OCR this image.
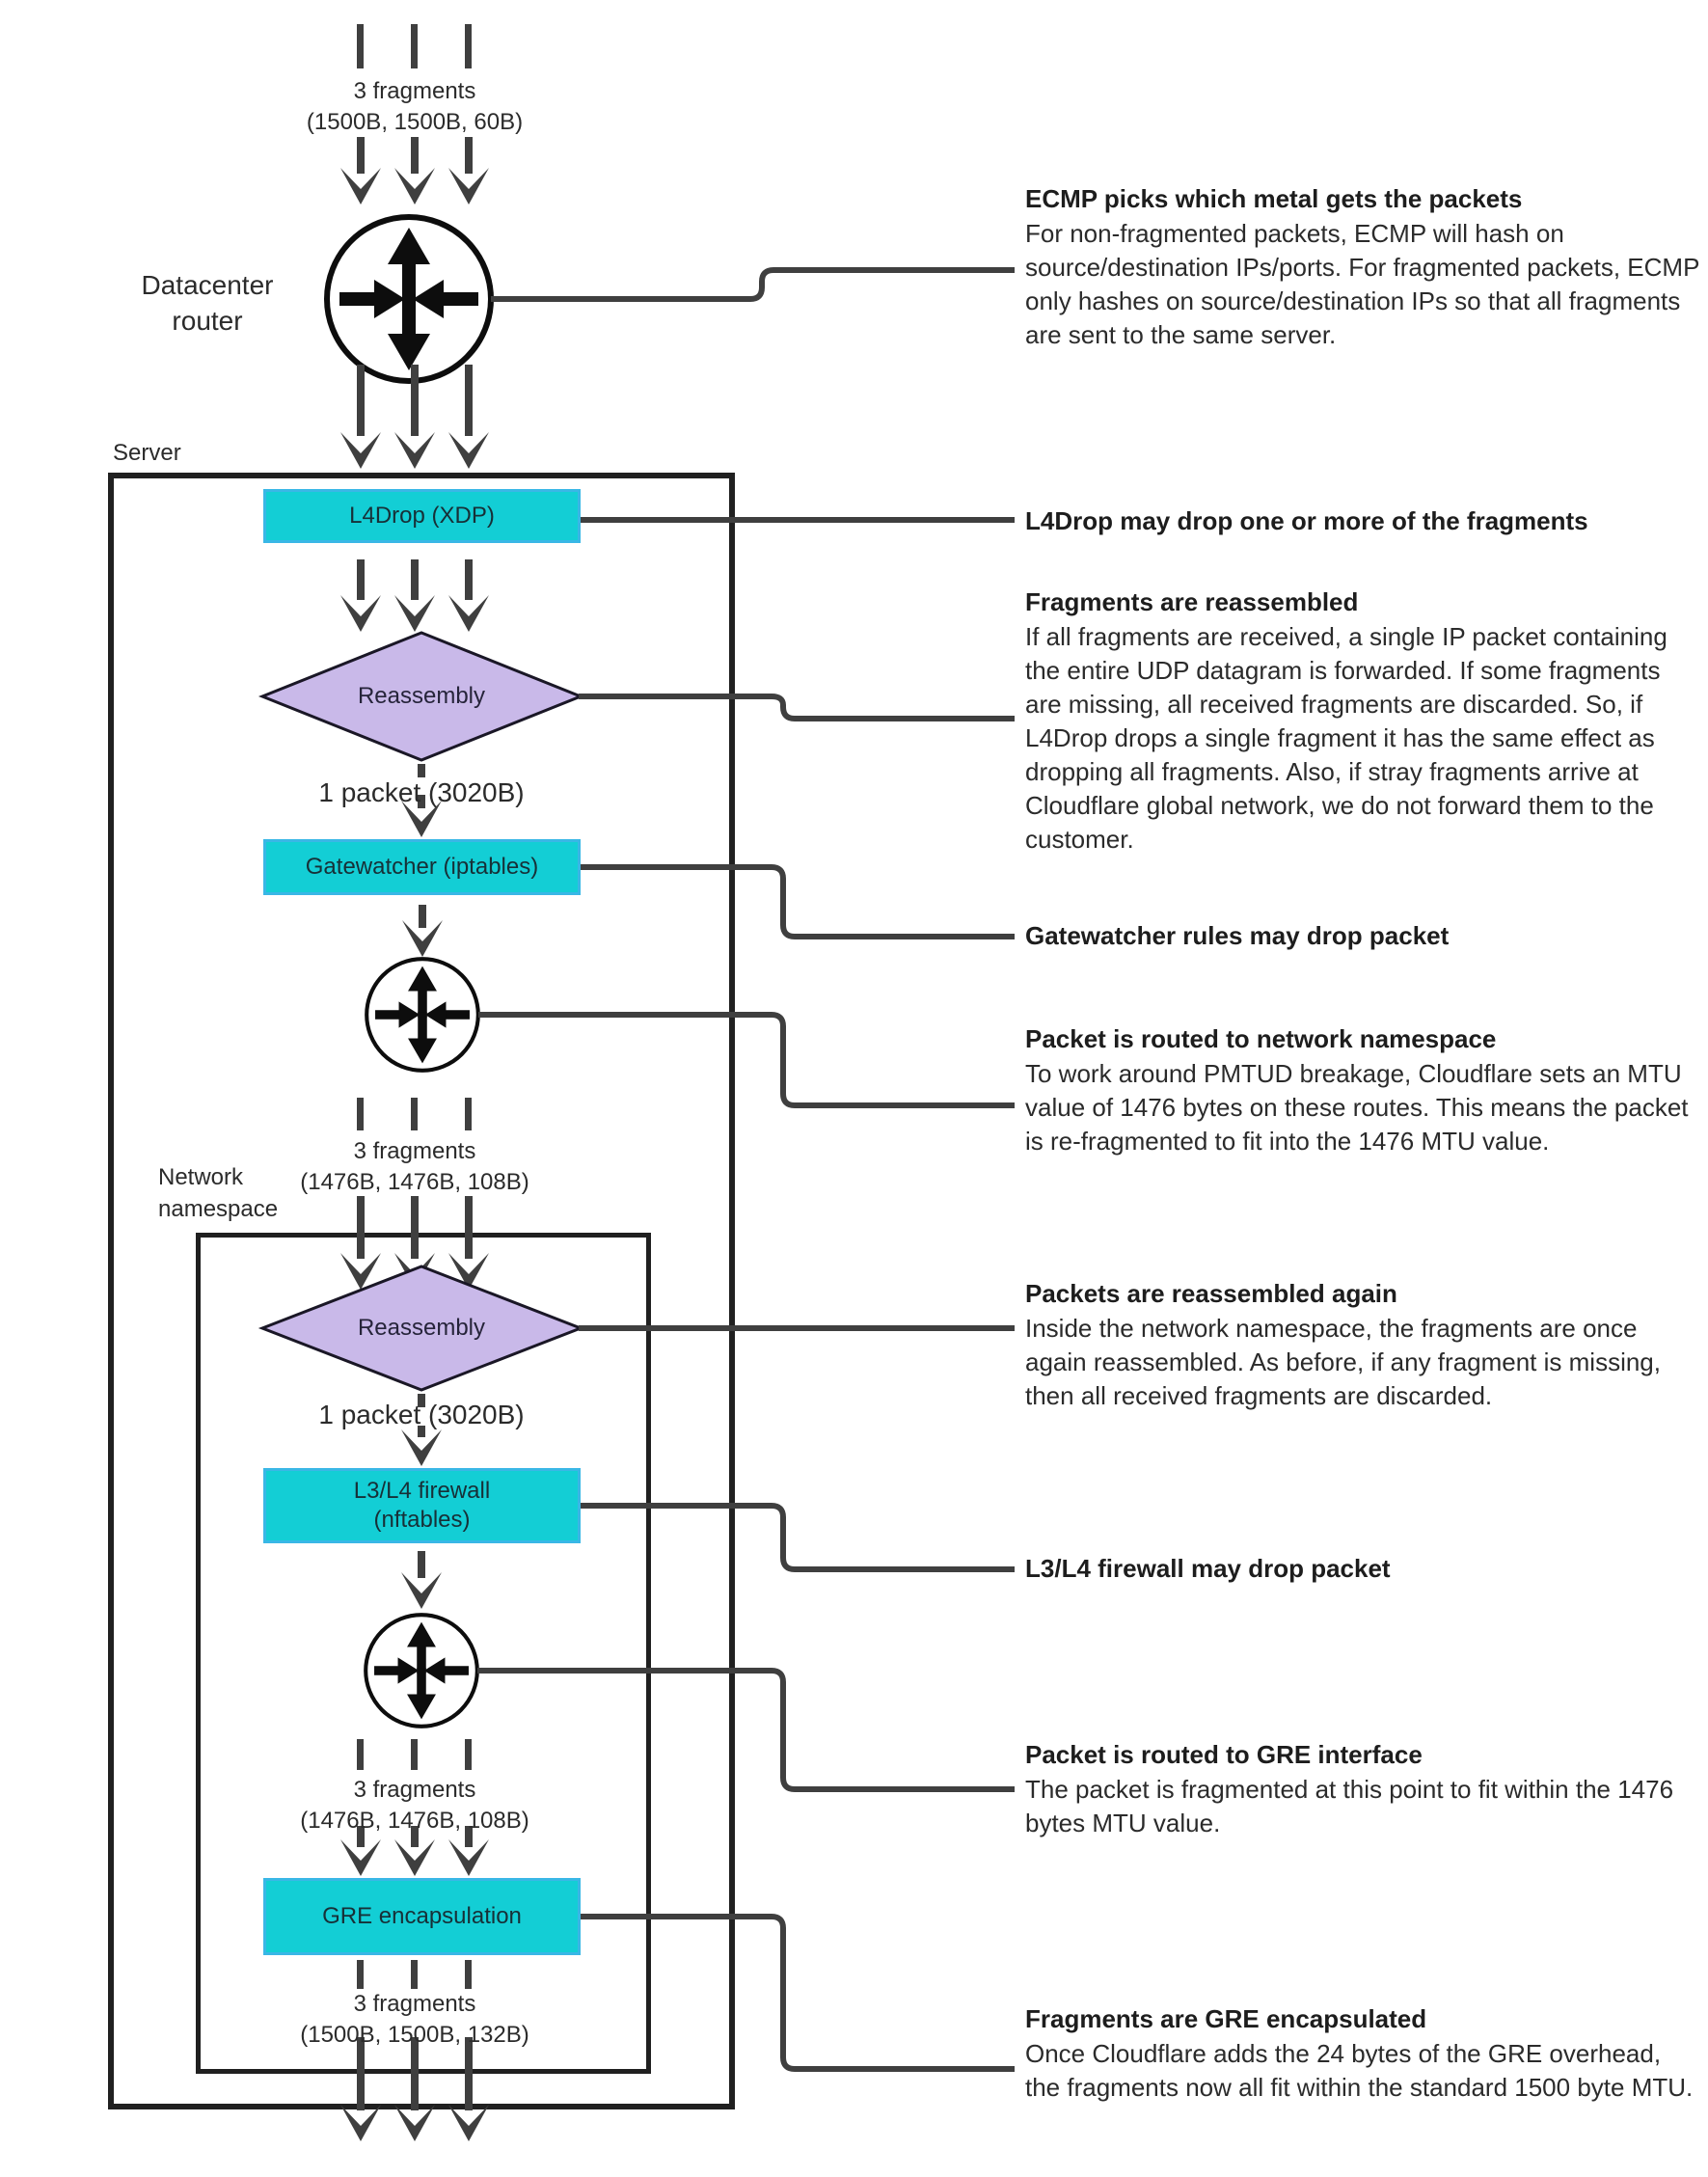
L4Drop (XDP)
Gatewatcher (iptables)
L3/L4 firewall
(nftables)
GRE encapsulation
Reassembly
Reassembly
Datacenter
router
Server
Network
namespace
3 fragments
(1500B, 1500B, 60B)
3 fragments
(1476B, 1476B, 108B)
3 fragments
(1476B, 1476B, 108B)
3 fragments
(1500B, 1500B, 132B)
1 packet (3020B)
1 packet (3020B)
ECMP picks which metal gets the packets

For non-fragmented packets, ECMP will hash on source/destination IPs/ports. For fragmented packets, ECMP only hashes on source/destination IPs so that all fragments are sent to the same server.

L4Drop may drop one or more of the fragments
Fragments are reassembled

If all fragments are received, a single IP packet containing the entire UDP datagram is forwarded. If some fragments are missing, all received fragments are discarded. So, if L4Drop drops a single fragment it has the same effect as dropping all fragments. Also, if stray fragments arrive at Cloudflare global network, we do not forward them to the customer.

Gatewatcher rules may drop packet
Packet is routed to network namespace

To work around PMTUD breakage, Cloudflare sets an MTU value of 1476 bytes on these routes. This means the packet is re-fragmented to fit into the 1476 MTU value.

Packets are reassembled again

Inside the network namespace, the fragments are once again reassembled. As before, if any fragment is missing, then all received fragments are discarded.

L3/L4 firewall may drop packet
Packet is routed to GRE interface

The packet is fragmented at this point to fit within the 1476 bytes MTU value.

Fragments are GRE encapsulated

Once Cloudflare adds the 24 bytes of the GRE overhead, the fragments now all fit within the standard 1500 byte MTU.
